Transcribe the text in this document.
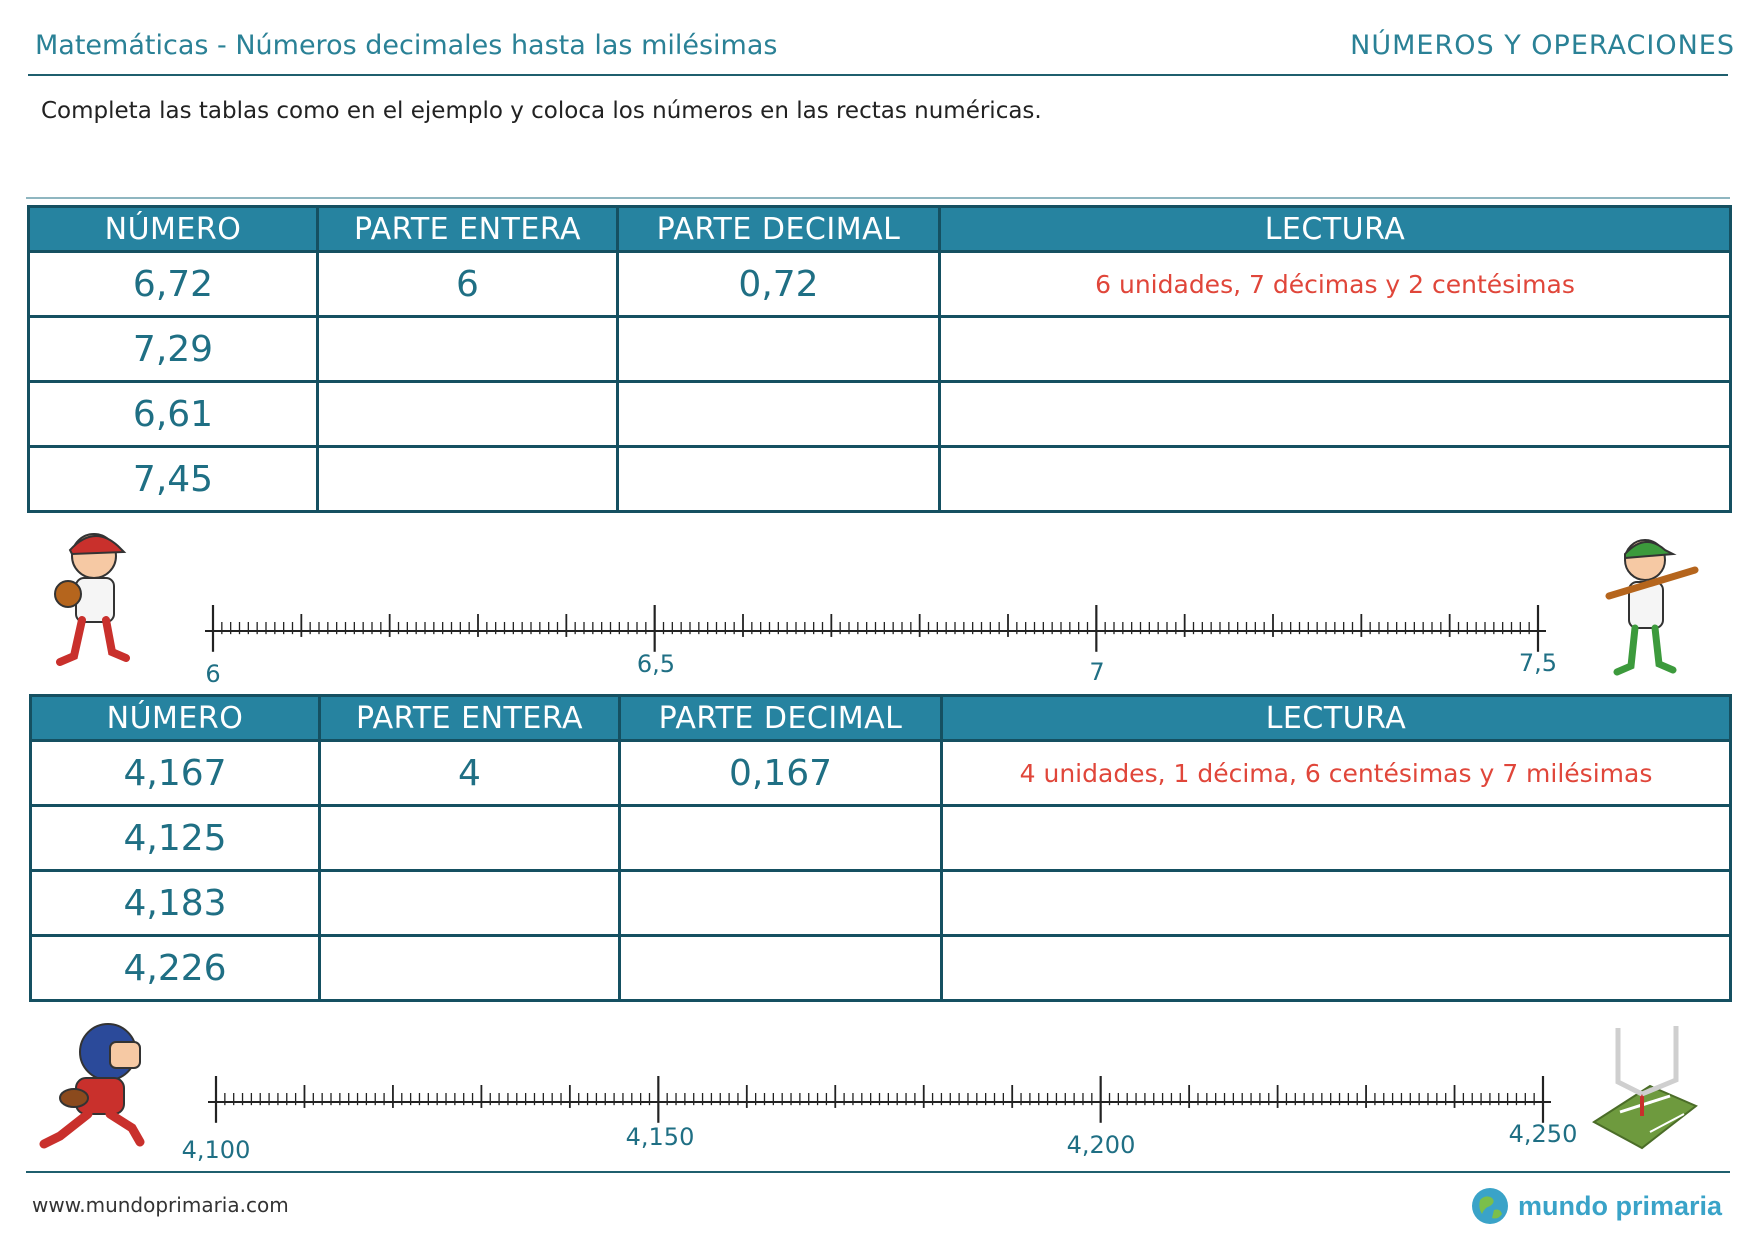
Matemáticas - Números decimales hasta las milésimas	NÚMEROS Y OPERACIONES
Completa las tablas como en el ejemplo y coloca los números en las rectas numéricas.
NÚMERO	PARTE ENTERA	PARTE DECIMAL	LECTURA
6,72	6	0,72	6 unidades, 7 décimas y 2 centésimas
7,29			
6,61			
7,45			
6	6,5	7	7,5
NÚMERO	PARTE ENTERA	PARTE DECIMAL	LECTURA
4,167	4	0,167	4 unidades, 1 décima, 6 centésimas y 7 milésimas
4,125			
4,183			
4,226			
4,100	4,150	4,200	4,250
www.mundoprimaria.com	mundo primaria
